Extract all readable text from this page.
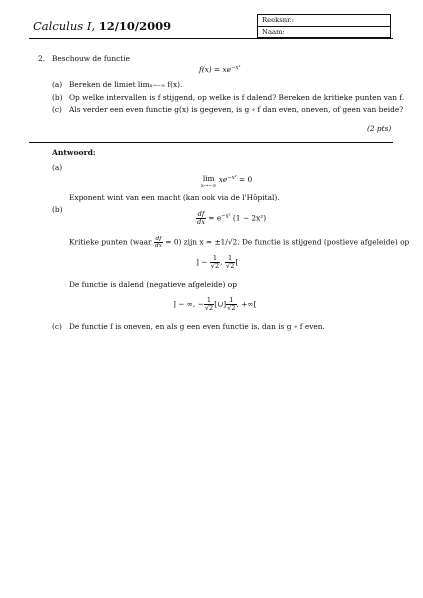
Calculus I, 12/10/2009	Reeksnr.:
Naam:
2. Beschouw de functie
$f(x) = xe^{-x^2}$
(a) Bereken de limiet limx→−∞ f(x).
(b) Op welke intervallen is f stijgend, op welke is f dalend? Bereken de kritieke punten van f.
(c) Als verder een even functie g(x) is gegeven, is g ∘ f dan even, oneven, of geen van beide?
(2 pts)
Antwoord:
(a)
lim
x→−∞
$xe^{-x^2} = 0$
Exponent wint van een macht (kan ook via de l'Hôpital).
(b)
$\frac{df}{dx} = e^{-x^2}$ (1 − 2x²)
Kritieke punten (waar $\frac{df}{dx} = 0$) zijn x = ±1/√2. De functie is stijgend (postieve afgeleide) op
] − $\frac{1}{√2}$ , $\frac{1}{√2}$ [
De functie is dalend (negatieve afgeleide) op
] − ∞, − $\frac{1}{√2}$ [∪] $\frac{1}{√2}$ , +∞[
(c) De functie f is oneven, en als g een even functie is, dan is g ∘ f even.
